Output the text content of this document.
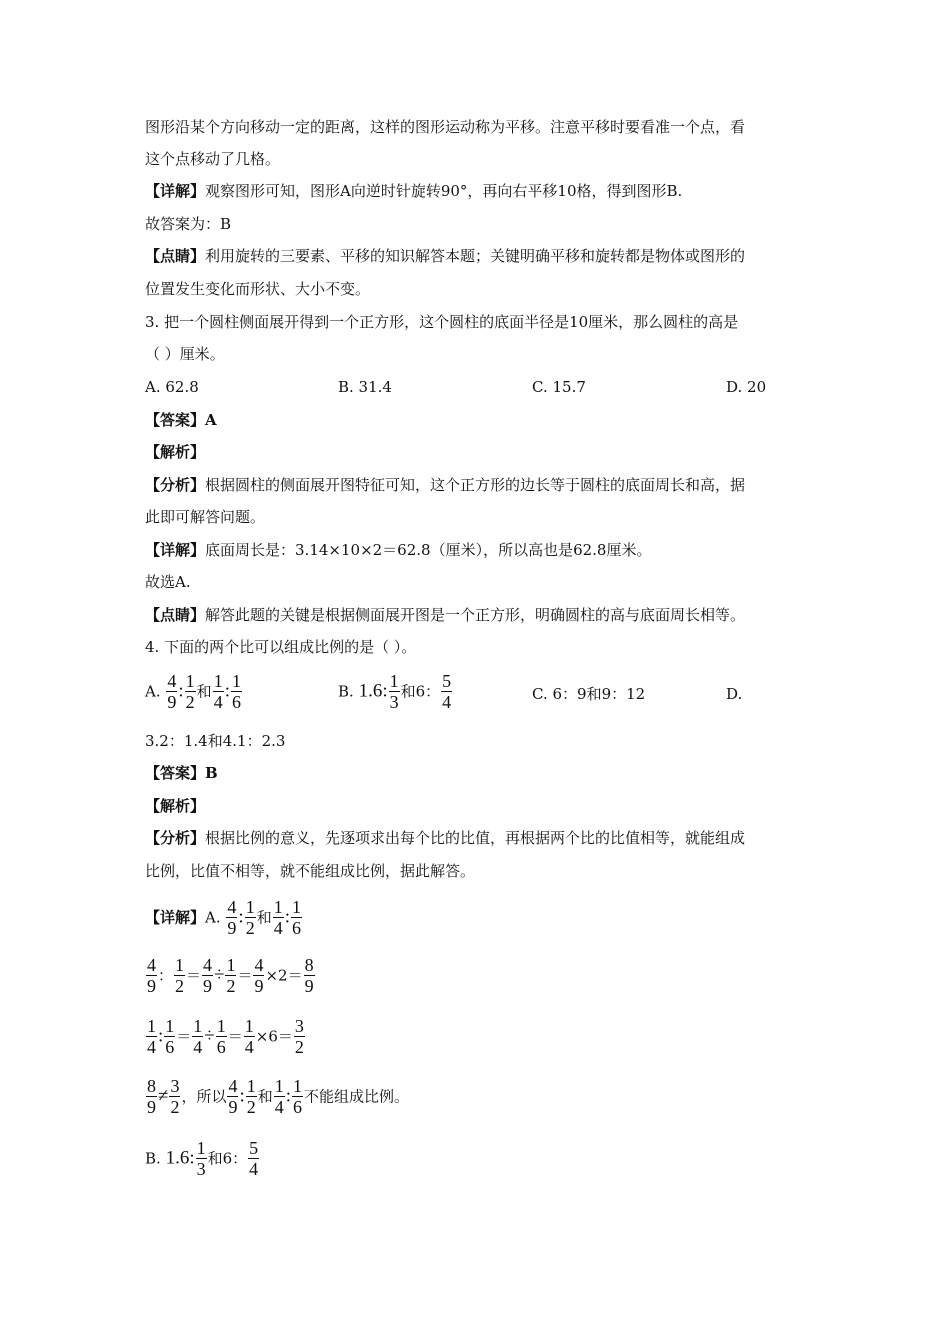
图形沿某个方向移动一定的距离，这样的图形运动称为平移。注意平移时要看准一个点，看
这个点移动了几格。
【详解】观察图形可知，图形A向逆时针旋转90°，再向右平移10格，得到图形B.
故答案为：B
【点睛】利用旋转的三要素、平移的知识解答本题；关键明确平移和旋转都是物体或图形的
位置发生变化而形状、大小不变。
3. 把一个圆柱侧面展开得到一个正方形，这个圆柱的底面半径是10厘米，那么圆柱的高是
（ ）厘米。
A. 62.8	B. 31.4	C. 15.7	D. 20
【答案】A
【解析】
【分析】根据圆柱的侧面展开图特征可知，这个正方形的边长等于圆柱的底面周长和高，据
此即可解答问题。
【详解】底面周长是：3.14×10×2＝62.8（厘米），所以高也是62.8厘米。
故选A.
【点睛】解答此题的关键是根据侧面展开图是一个正方形，明确圆柱的高与底面周长相等。
4. 下面的两个比可以组成比例的是（ ）。
A. $\frac{4}{9}$ : $\frac{1}{2}$ 和 $\frac{1}{4}$ : $\frac{1}{6}$	B. 1.6: $\frac{1}{3}$ 和6： $\frac{5}{4}$	C. 6：9和9：12	D.
3.2：1.4和4.1：2.3
【答案】B
【解析】
【分析】根据比例的意义，先逐项求出每个比的比值，再根据两个比的比值相等，就能组成
比例，比值不相等，就不能组成比例，据此解答。
【详解】A. $\frac{4}{9}$ : $\frac{1}{2}$ 和 $\frac{1}{4}$ : $\frac{1}{6}$
$\frac{4}{9}$ ： $\frac{1}{2} = \frac{4}{9} \div \frac{1}{2} = \frac{4}{9} \times 2= \frac{8}{9}$
$\frac{1}{4}$ : $\frac{1}{6} = \frac{1}{4} \div \frac{1}{6} = \frac{1}{4} \times 6= \frac{3}{2}$
$\frac{8}{9} \ne \frac{3}{2}$ ，所以 $\frac{4}{9}$ : $\frac{1}{2}$ 和 $\frac{1}{4}$ : $\frac{1}{6}$ 不能组成比例。
B. 1.6: $\frac{1}{3}$ 和6： $\frac{5}{4}$
